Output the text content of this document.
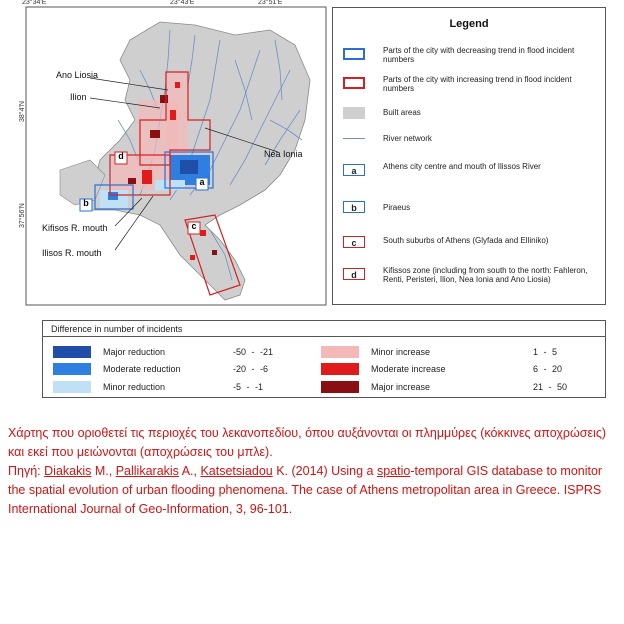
23°34'E	23°43'E	23°51'E
38°4'N
37°56'N
Ano Liosia
Ilion
Nea Ionia
Kifisos R. mouth
Ilisos R. mouth
a
b
c
d
Legend
Parts of the city with decreasing trend in flood incident numbers
Parts of the city with increasing trend in flood incident numbers
Built areas
River network
a	Athens city centre and mouth of Ilissos River
b	Piraeus
c	South suburbs of Athens (Glyfada and Elliniko)
d	Kifissos zone (including from south to the north: Fahleron, Renti, Peristeri, Ilion, Nea Ionia and Ano Liosia)
Difference in number of incidents
Major reduction	-50 - -21
Moderate reduction	-20 - -6
Minor reduction	-5 - -1
Minor increase	1 - 5
Moderate increase	6 - 20
Major increase	21 - 50

Χάρτης που οριοθετεί τις περιοχές του λεκανοπεδίου, όπου αυξάνονται οι πλημμύρες (κόκκινες αποχρώσεις) και εκεί που μειώνονται (αποχρώσεις του μπλε).

Πηγή: Diakakis M., Pallikarakis A., Katsetsiadou K. (2014) Using a spatio-temporal GIS database to monitor the spatial evolution of urban flooding phenomena. The case of Athens metropolitan area in Greece. ISPRS International Journal of Geo-Information, 3, 96-101.
